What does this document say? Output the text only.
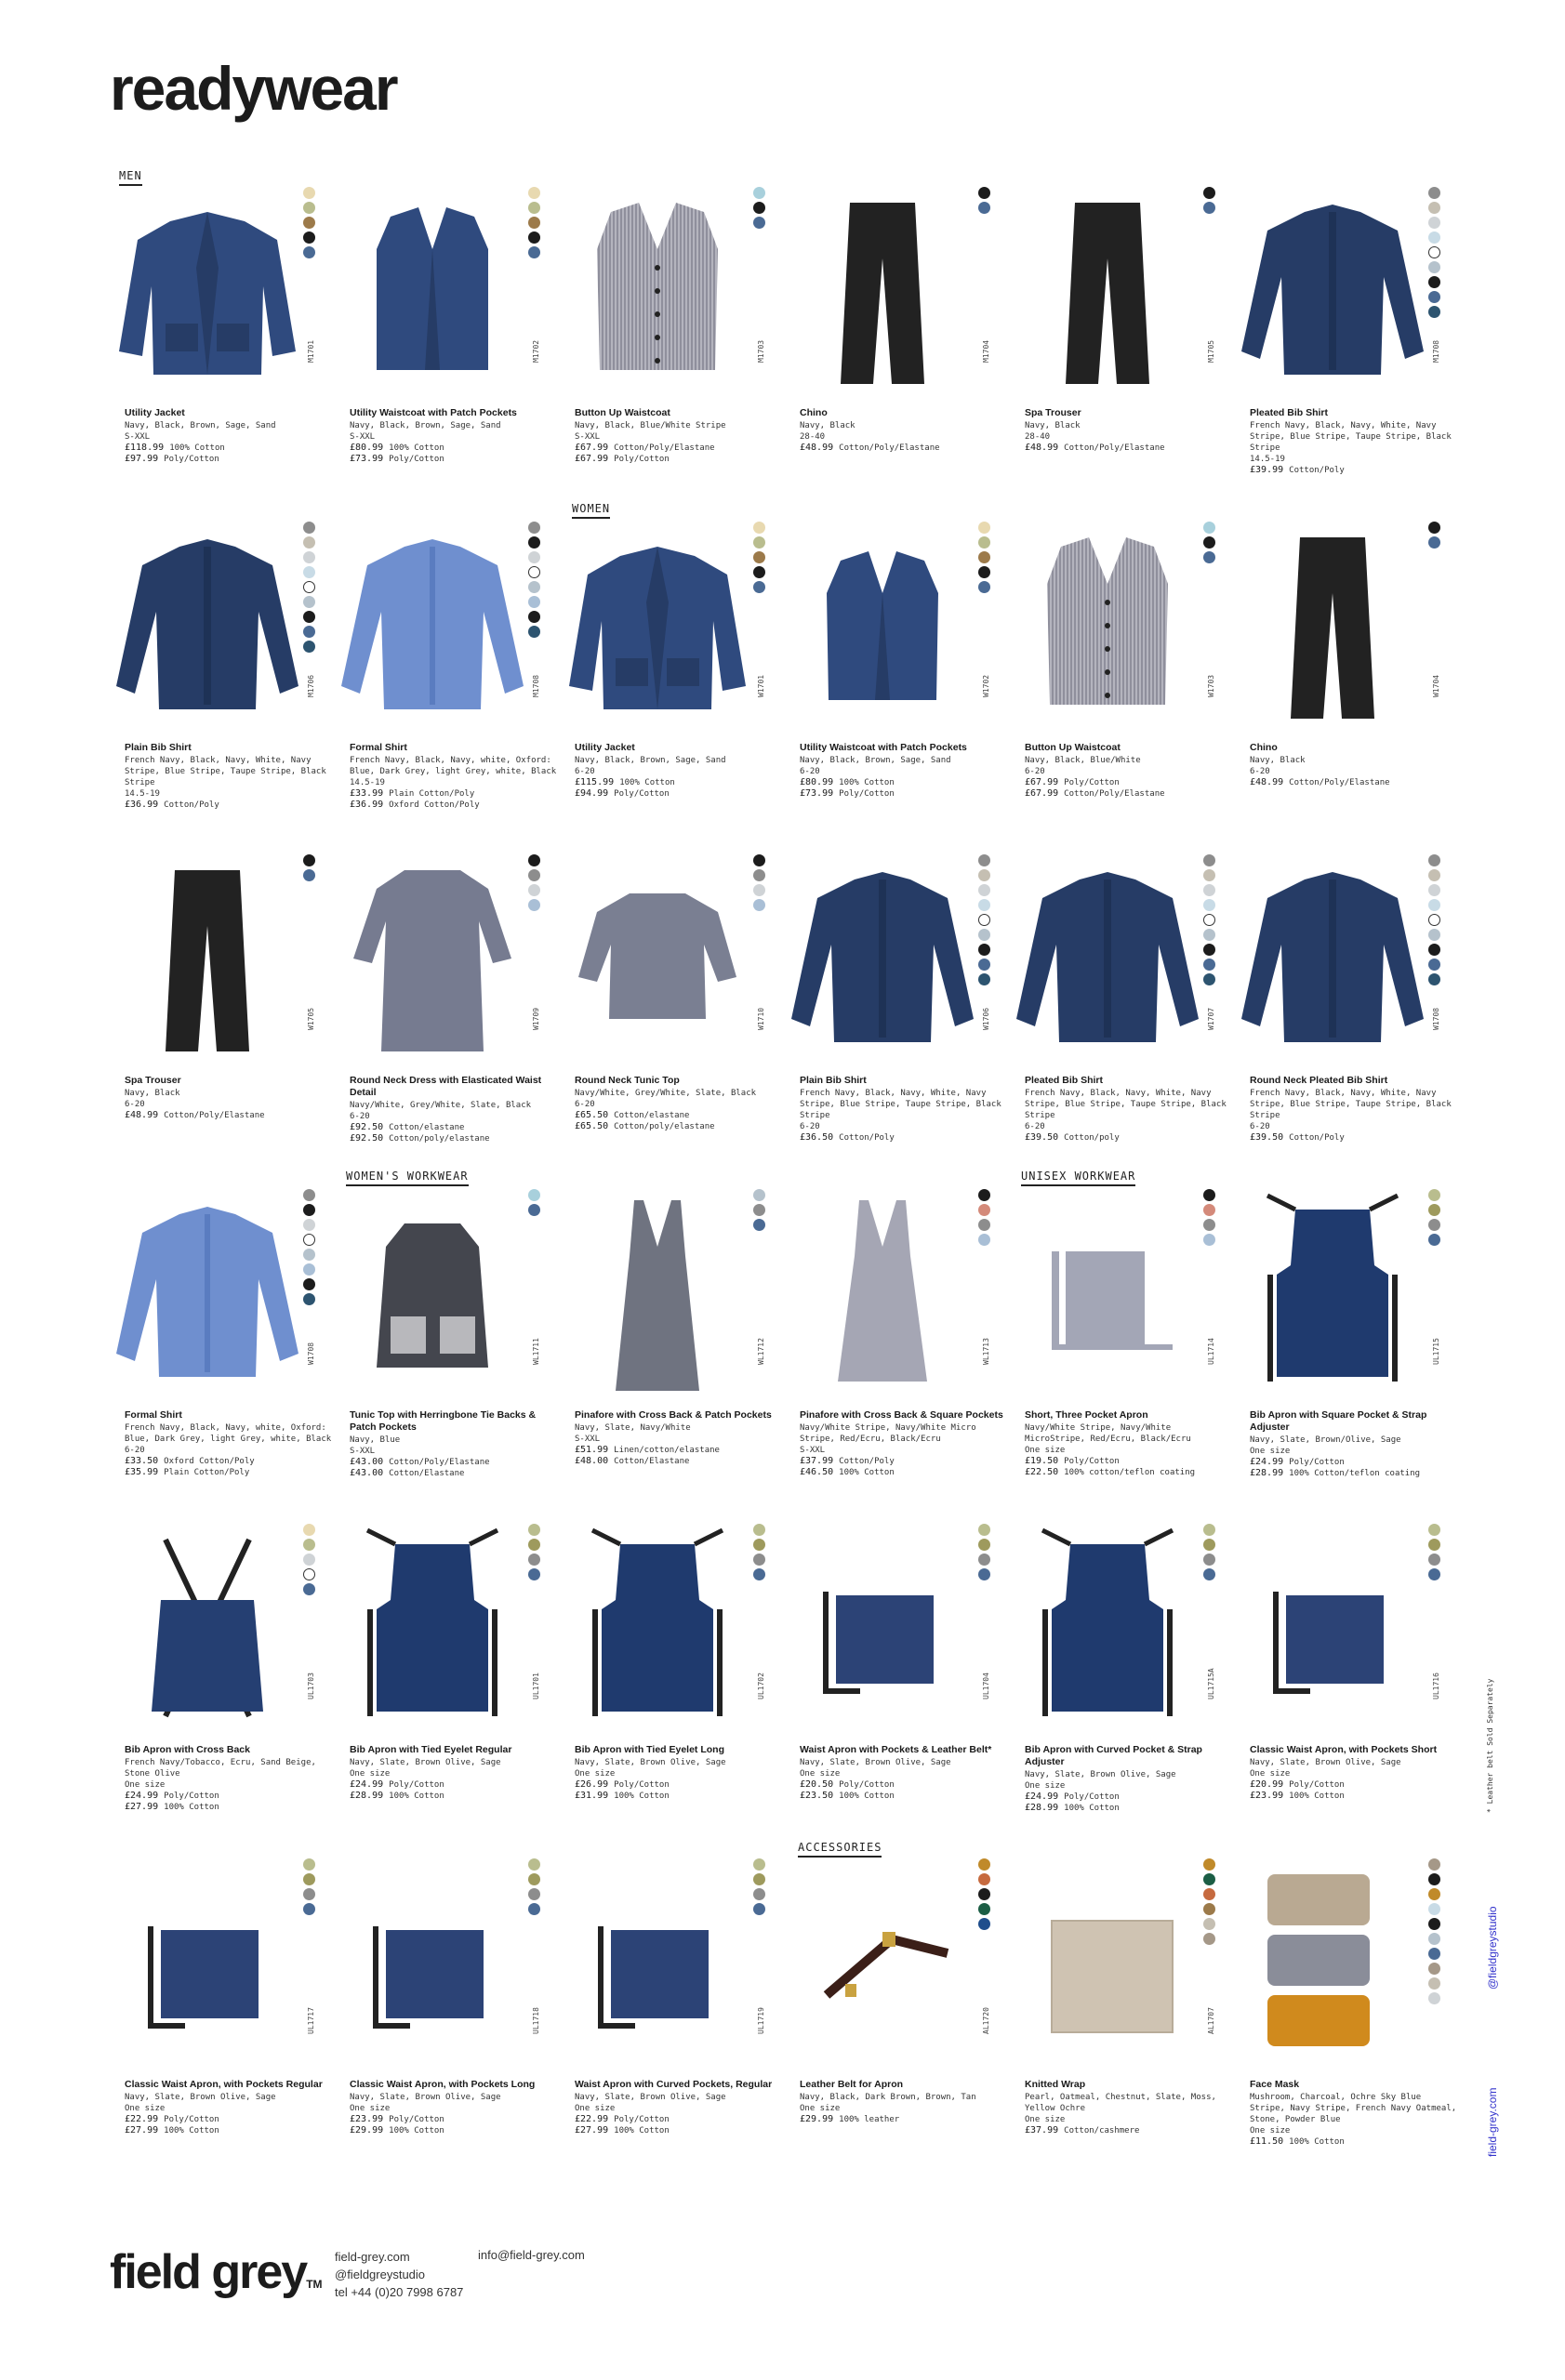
readywear
MEN
WOMEN
WOMEN'S WORKWEAR	UNISEX WORKWEAR
ACCESSORIES
M1701
Utility Jacket
Navy, Black, Brown, Sage, Sand
S-XXL
£118.99 100% Cotton
£97.99 Poly/Cotton
M1702
Utility Waistcoat with Patch Pockets
Navy, Black, Brown, Sage, Sand
S-XXL
£80.99 100% Cotton
£73.99 Poly/Cotton
M1703
Button Up Waistcoat
Navy, Black, Blue/White Stripe
S-XXL
£67.99 Cotton/Poly/Elastane
£67.99 Poly/Cotton
M1704
Chino
Navy, Black
28-40
£48.99 Cotton/Poly/Elastane
M1705
Spa Trouser
Navy, Black
28-40
£48.99 Cotton/Poly/Elastane
M1708
Pleated Bib Shirt
French Navy, Black, Navy, White, Navy Stripe, Blue Stripe, Taupe Stripe, Black Stripe
14.5-19
£39.99 Cotton/Poly
M1706
Plain Bib Shirt
French Navy, Black, Navy, White, Navy Stripe, Blue Stripe, Taupe Stripe, Black Stripe
14.5-19
£36.99 Cotton/Poly
M1708
Formal Shirt
French Navy, Black, Navy, white, Oxford: Blue, Dark Grey, light Grey, white, Black
14.5-19
£33.99 Plain Cotton/Poly
£36.99 Oxford Cotton/Poly
W1701
Utility Jacket
Navy, Black, Brown, Sage, Sand
6-20
£115.99 100% Cotton
£94.99 Poly/Cotton
W1702
Utility Waistcoat with Patch Pockets
Navy, Black, Brown, Sage, Sand
6-20
£80.99 100% Cotton
£73.99 Poly/Cotton
W1703
Button Up Waistcoat
Navy, Black, Blue/White
6-20
£67.99 Poly/Cotton
£67.99 Cotton/Poly/Elastane
W1704
Chino
Navy, Black
6-20
£48.99 Cotton/Poly/Elastane
W1705
Spa Trouser
Navy, Black
6-20
£48.99 Cotton/Poly/Elastane
W1709
Round Neck Dress with Elasticated Waist Detail
Navy/White, Grey/White, Slate, Black
6-20
£92.50 Cotton/elastane
£92.50 Cotton/poly/elastane
W1710
Round Neck Tunic Top
Navy/White, Grey/White, Slate, Black
6-20
£65.50 Cotton/elastane
£65.50 Cotton/poly/elastane
W1706
Plain Bib Shirt
French Navy, Black, Navy, White, Navy Stripe, Blue Stripe, Taupe Stripe, Black Stripe
6-20
£36.50 Cotton/Poly
W1707
Pleated Bib Shirt
French Navy, Black, Navy, White, Navy Stripe, Blue Stripe, Taupe Stripe, Black Stripe
6-20
£39.50 Cotton/poly
W1708
Round Neck Pleated Bib Shirt
French Navy, Black, Navy, White, Navy Stripe, Blue Stripe, Taupe Stripe, Black Stripe
6-20
£39.50 Cotton/Poly
W1708
Formal Shirt
French Navy, Black, Navy, white, Oxford: Blue, Dark Grey, light Grey, white, Black
6-20
£33.50 Oxford Cotton/Poly
£35.99 Plain Cotton/Poly
WL1711
Tunic Top with Herringbone Tie Backs & Patch Pockets
Navy, Blue
S-XXL
£43.00 Cotton/Poly/Elastane
£43.00 Cotton/Elastane
WL1712
Pinafore with Cross Back & Patch Pockets
Navy, Slate, Navy/White
S-XXL
£51.99 Linen/cotton/elastane
£48.00 Cotton/Elastane
WL1713
Pinafore with Cross Back & Square Pockets
Navy/White Stripe, Navy/White Micro Stripe, Red/Ecru, Black/Ecru
S-XXL
£37.99 Cotton/Poly
£46.50 100% Cotton
UL1714
Short, Three Pocket Apron
Navy/White Stripe, Navy/White MicroStripe, Red/Ecru, Black/Ecru
One size
£19.50 Poly/Cotton
£22.50 100% cotton/teflon coating
UL1715
Bib Apron with Square Pocket & Strap Adjuster
Navy, Slate, Brown/Olive, Sage
One size
£24.99 Poly/Cotton
£28.99 100% Cotton/teflon coating
UL1703
Bib Apron with Cross Back
French Navy/Tobacco, Ecru, Sand Beige, Stone Olive
One size
£24.99 Poly/Cotton
£27.99 100% Cotton
UL1701
Bib Apron with Tied Eyelet Regular
Navy, Slate, Brown Olive, Sage
One size
£24.99 Poly/Cotton
£28.99 100% Cotton
UL1702
Bib Apron with Tied Eyelet Long
Navy, Slate, Brown Olive, Sage
One size
£26.99 Poly/Cotton
£31.99 100% Cotton
UL1704
Waist Apron with Pockets & Leather Belt*
Navy, Slate, Brown Olive, Sage
One size
£20.50 Poly/Cotton
£23.50 100% Cotton
UL1715A
Bib Apron with Curved Pocket & Strap Adjuster
Navy, Slate, Brown Olive, Sage
One size
£24.99 Poly/Cotton
£28.99 100% Cotton
UL1716
Classic Waist Apron, with Pockets Short
Navy, Slate, Brown Olive, Sage
One size
£20.99 Poly/Cotton
£23.99 100% Cotton
UL1717
Classic Waist Apron, with Pockets Regular
Navy, Slate, Brown Olive, Sage
One size
£22.99 Poly/Cotton
£27.99 100% Cotton
UL1718
Classic Waist Apron, with Pockets Long
Navy, Slate, Brown Olive, Sage
One size
£23.99 Poly/Cotton
£29.99 100% Cotton
UL1719
Waist Apron with Curved Pockets, Regular
Navy, Slate, Brown Olive, Sage
One size
£22.99 Poly/Cotton
£27.99 100% Cotton
AL1720
Leather Belt for Apron
Navy, Black, Dark Brown, Brown, Tan
One size
£29.99 100% leather
AL1707
Knitted Wrap
Pearl, Oatmeal, Chestnut, Slate, Moss, Yellow Ochre
One size
£37.99 Cotton/cashmere
Face Mask
Mushroom, Charcoal, Ochre Sky Blue Stripe, Navy Stripe, French Navy Oatmeal, Stone, Powder Blue
One size
£11.50 100% Cotton
field greyTM
field-grey.com
@fieldgreystudio
tel +44 (0)20 7998 6787
info@field-grey.com
@fieldgreystudio
field-grey.com
* Leather belt Sold Separately
